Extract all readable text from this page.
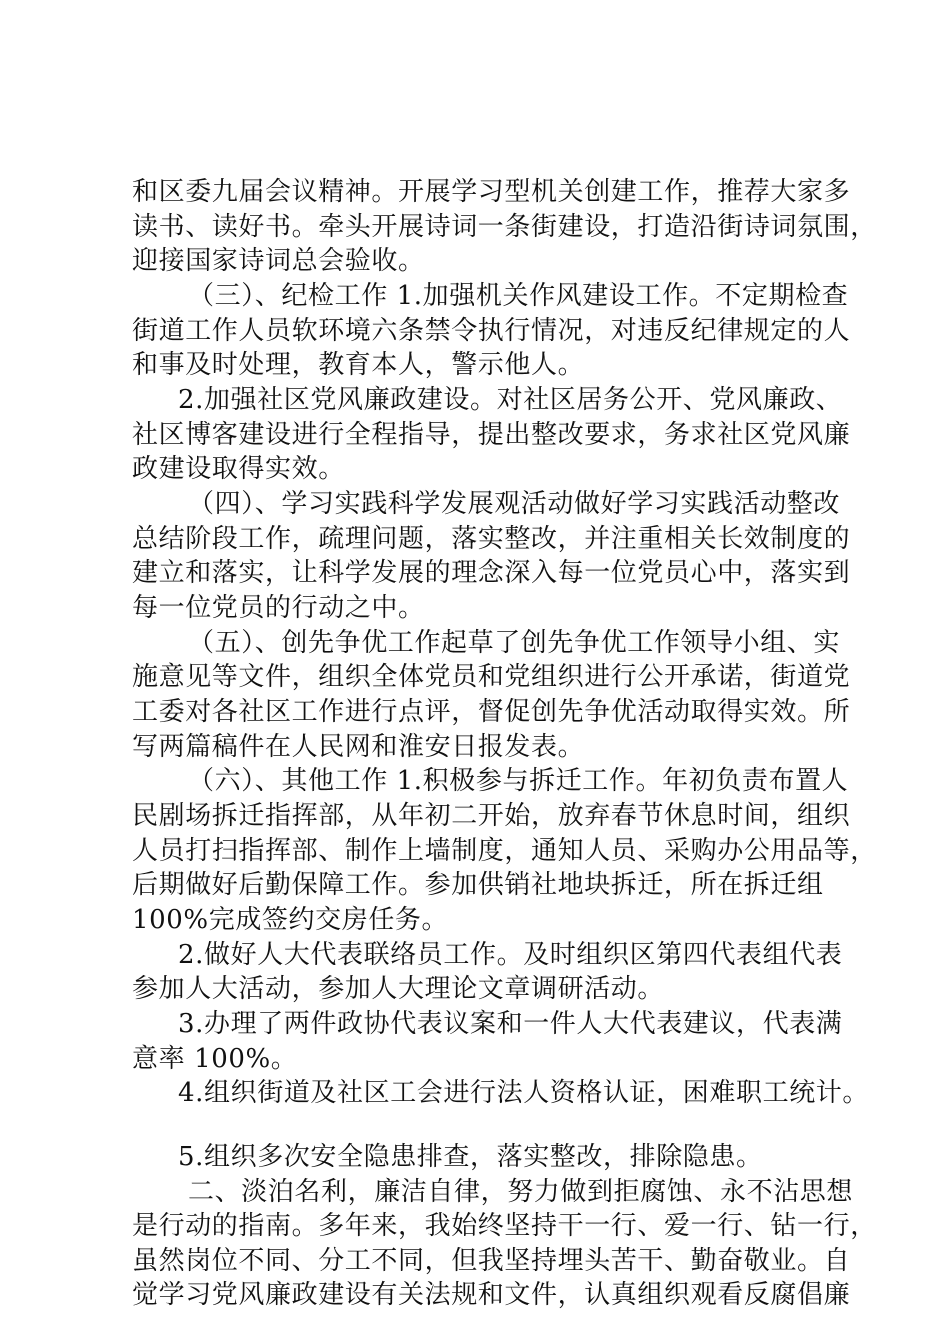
和区委九届会议精神。开展学习型机关创建工作，推荐大家多
读书、读好书。牵头开展诗词一条街建设，打造沿街诗词氛围，
迎接国家诗词总会验收。
（三）、纪检工作 1.加强机关作风建设工作。不定期检查
街道工作人员软环境六条禁令执行情况，对违反纪律规定的人
和事及时处理，教育本人，警示他人。
2.加强社区党风廉政建设。对社区居务公开、党风廉政、
社区博客建设进行全程指导，提出整改要求，务求社区党风廉
政建设取得实效。
（四）、学习实践科学发展观活动做好学习实践活动整改
总结阶段工作，疏理问题，落实整改，并注重相关长效制度的
建立和落实，让科学发展的理念深入每一位党员心中，落实到
每一位党员的行动之中。
（五）、创先争优工作起草了创先争优工作领导小组、实
施意见等文件，组织全体党员和党组织进行公开承诺，街道党
工委对各社区工作进行点评，督促创先争优活动取得实效。所
写两篇稿件在人民网和淮安日报发表。
（六）、其他工作 1.积极参与拆迁工作。年初负责布置人
民剧场拆迁指挥部，从年初二开始，放弃春节休息时间，组织
人员打扫指挥部、制作上墙制度，通知人员、采购办公用品等，
后期做好后勤保障工作。参加供销社地块拆迁，所在拆迁组
100%完成签约交房任务。
2.做好人大代表联络员工作。及时组织区第四代表组代表
参加人大活动，参加人大理论文章调研活动。
3.办理了两件政协代表议案和一件人大代表建议，代表满
意率 100%。
4.组织街道及社区工会进行法人资格认证，困难职工统计。
5.组织多次安全隐患排查，落实整改，排除隐患。
二、淡泊名利，廉洁自律，努力做到拒腐蚀、永不沾思想
是行动的指南。多年来，我始终坚持干一行、爱一行、钻一行，
虽然岗位不同、分工不同，但我坚持埋头苦干、勤奋敬业。自
觉学习党风廉政建设有关法规和文件，认真组织观看反腐倡廉
